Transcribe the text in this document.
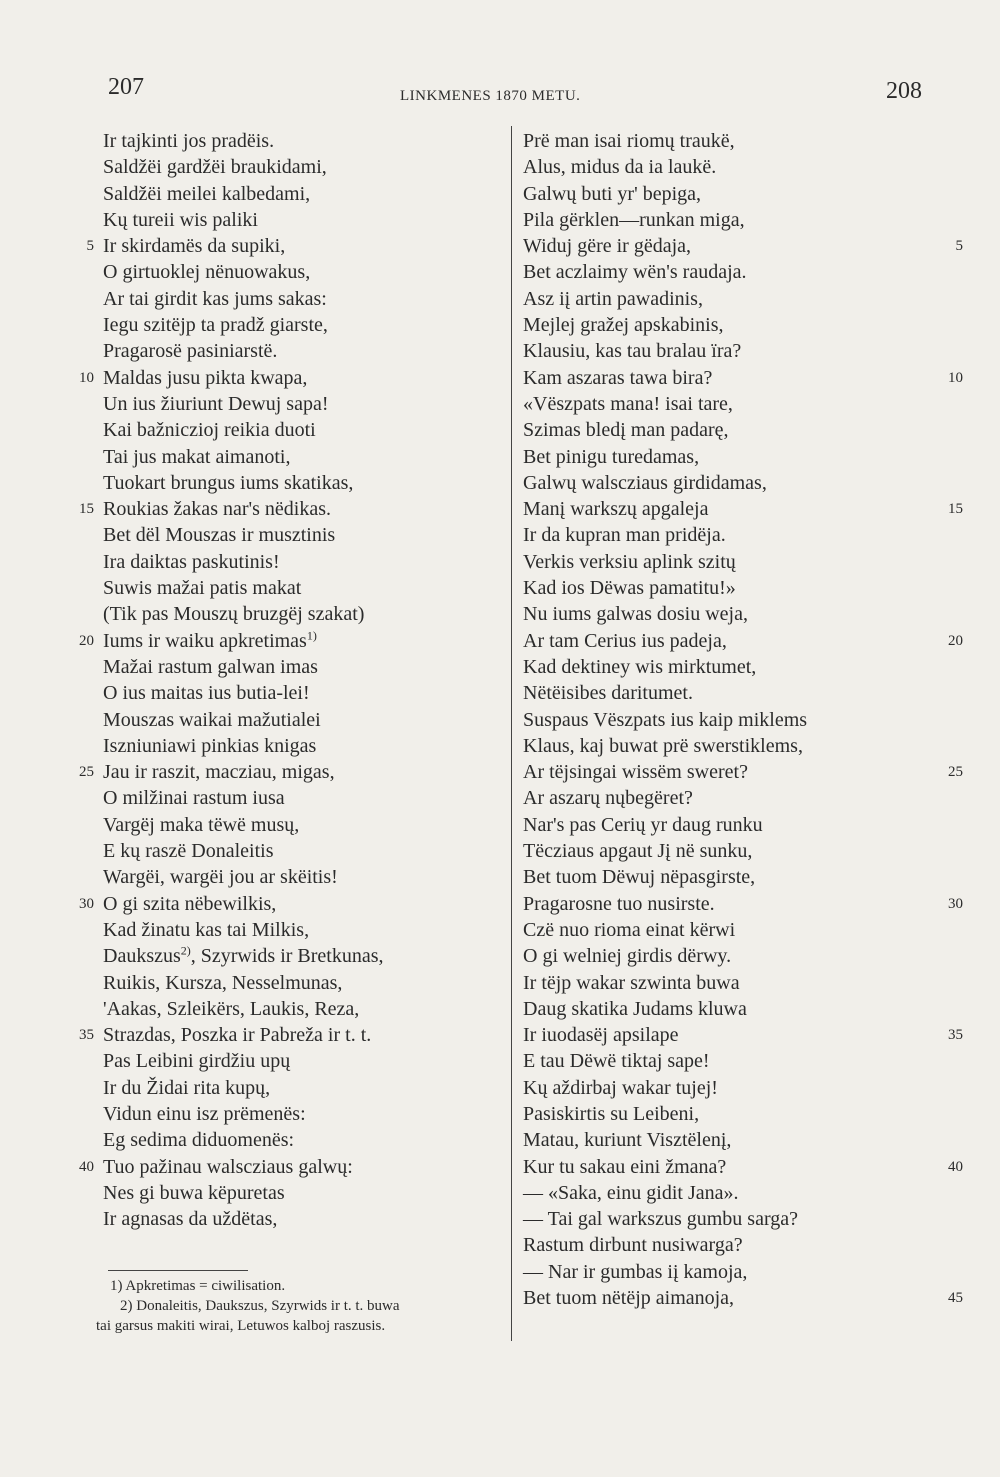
207	LINKMENES 1870 METU.	208
Ir tajkinti jos pradëis.
Saldžëi gardžëi braukidami,
Saldžëi meilei kalbedami,
Kų tureii wis paliki
5 Ir skirdamës da supiki,
O girtuoklej nënuowakus,
Ar tai girdit kas jums sakas:
Iegu szitëjp ta pradž giarste,
Pragarosë pasiniarstë.
10 Maldas jusu pikta kwapa,
Un ius žiuriunt Dewuj sapa!
Kai bažniczioj reikia duoti
Tai jus makat aimanoti,
Tuokart brungus iums skatikas,
15 Roukias žakas nar's nëdikas.
Bet dël Mouszas ir musztinis
Ira daiktas paskutinis!
Suwis mažai patis makat
(Tik pas Mouszų bruzgëj szakat)
20 Iums ir waiku apkretimas$^{1)}$
Mažai rastum galwan imas
O ius maitas ius butia-lei!
Mouszas waikai mažutialei
Iszniuniawi pinkias knigas
25 Jau ir raszit, macziau, migas,
O milžinai rastum iusa
Vargëj maka tëwë musų,
E kų raszë Donaleitis
Wargëi, wargëi jou ar skëitis!
30 O gi szita nëbewilkis,
Kad žinatu kas tai Milkis,
Daukszus$^{2)}$, Szyrwids ir Bretkunas,
Ruikis, Kursza, Nesselmunas,
'Aakas, Szleikërs, Laukis, Reza,
35 Strazdas, Poszka ir Pabreža ir t. t.
Pas Leibini girdžiu upų
Ir du Židai rita kupų,
Vidun einu isz prëmenës:
Eg sedima diduomenës:
40 Tuo pažinau walscziaus galwų:
Nes gi buwa këpuretas
Ir agnasas da uždëtas,
Prë man isai riomų traukë,
Alus, midus da ia laukë.
Galwų buti yr' bepiga,
Pila gërklen—runkan miga,
5
Widuj gëre ir gëdaja,
Bet aczlaimy wën's raudaja.
Asz iį artin pawadinis,
Mejlej gražej apskabinis,
Klausiu, kas tau bralau ïra?
10
Kam aszaras tawa bira?
«Vëszpats mana! isai tare,
Szimas bledį man padarę,
Bet pinigu turedamas,
Galwų walscziaus girdidamas,
15
Manį warkszų apgaleja
Ir da kupran man pridëja.
Verkis verksiu aplink szitų
Kad ios Dëwas pamatitu!»
Nu iums galwas dosiu weja,
20
Ar tam Cerius ius padeja,
Kad dektiney wis mirktumet,
Nëtëisibes daritumet.
Suspaus Vëszpats ius kaip miklems
Klaus, kaj buwat prë swerstiklems,
25
Ar tëjsingai wissëm sweret?
Ar aszarų nųbegëret?
Nar's pas Cerių yr daug runku
Tëcziaus apgaut Jį në sunku,
Bet tuom Dëwuj nëpasgirste,
30
Pragarosne tuo nusirste.
Czë nuo rioma einat kërwi
O gi welniej girdis dërwy.
Ir tëjp wakar szwinta buwa
Daug skatika Judams kluwa
35
Ir iuodasëj apsilape
E tau Dëwë tiktaj sape!
Kų aždirbaj wakar tujej!
Pasiskirtis su Leibeni,
Matau, kuriunt Visztëlenį,
40
Kur tu sakau eini žmana?
— «Saka, einu gidit Jana».
— Tai gal warkszus gumbu sarga?
Rastum dirbunt nusiwarga?
— Nar ir gumbas iį kamoja,
45
Bet tuom nëtëjp aimanoja,
1) Apkretimas = ciwilisation.
2) Donaleitis, Daukszus, Szyrwids ir t. t. buwa
tai garsus makiti wirai, Letuwos kalboj raszusis.
